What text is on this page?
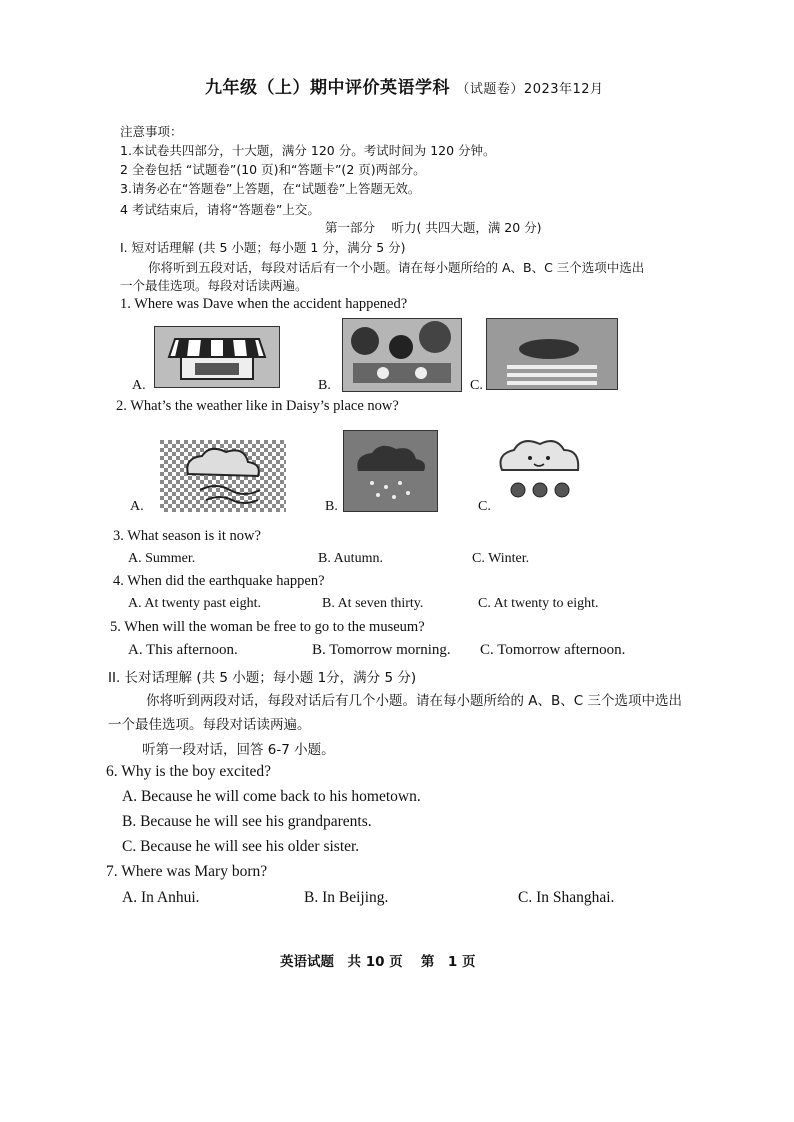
九年级（上）期中评价英语学科 （试题卷）2023年12月
注意事项：
1.本试卷共四部分，十大题，满分 120 分。考试时间为 120 分钟。
2 全卷包括 “试题卷”(10 页)和“答题卡”(2 页)两部分。
3.请务必在“答题卷”上答题，在“试题卷”上答题无效。
4 考试结束后，请将“答题卷”上交。
第一部分　 听力( 共四大题，满 20 分)
I. 短对话理解 (共 5 小题；每小题 1 分，满分 5 分)
你将听到五段对话，每段对话后有一个小题。请在每小题所给的 A、B、C 三个选项中选出
一个最佳选项。每段对话读两遍。
1. Where was Dave when the accident happened?
A.	B.	C.
2. What’s the weather like in Daisy’s place now?
A.	B.	C.
3. What season is it now?
A. Summer.	B. Autumn.	C. Winter.
4. When did the earthquake happen?
A. At twenty past eight.	B. At seven thirty.	C. At twenty to eight.
5. When will the woman be free to go to the museum?
A. This afternoon.	B. Tomorrow morning. C. Tomorrow afternoon.
II. 长对话理解 (共 5 小题；每小题 1分，满分 5 分)
你将听到两段对话，每段对话后有几个小题。请在每小题所给的 A、B、C 三个选项中选出
一个最佳选项。每段对话读两遍。
听第一段对话，回答 6-7 小题。
6. Why is the boy excited?
A. Because he will come back to his hometown.
B. Because he will see his grandparents.
C. Because he will see his older sister.
7. Where was Mary born?
A. In Anhui.	B. In Beijing.	C. In Shanghai.
英语试题　共 10 页　 第　1 页
